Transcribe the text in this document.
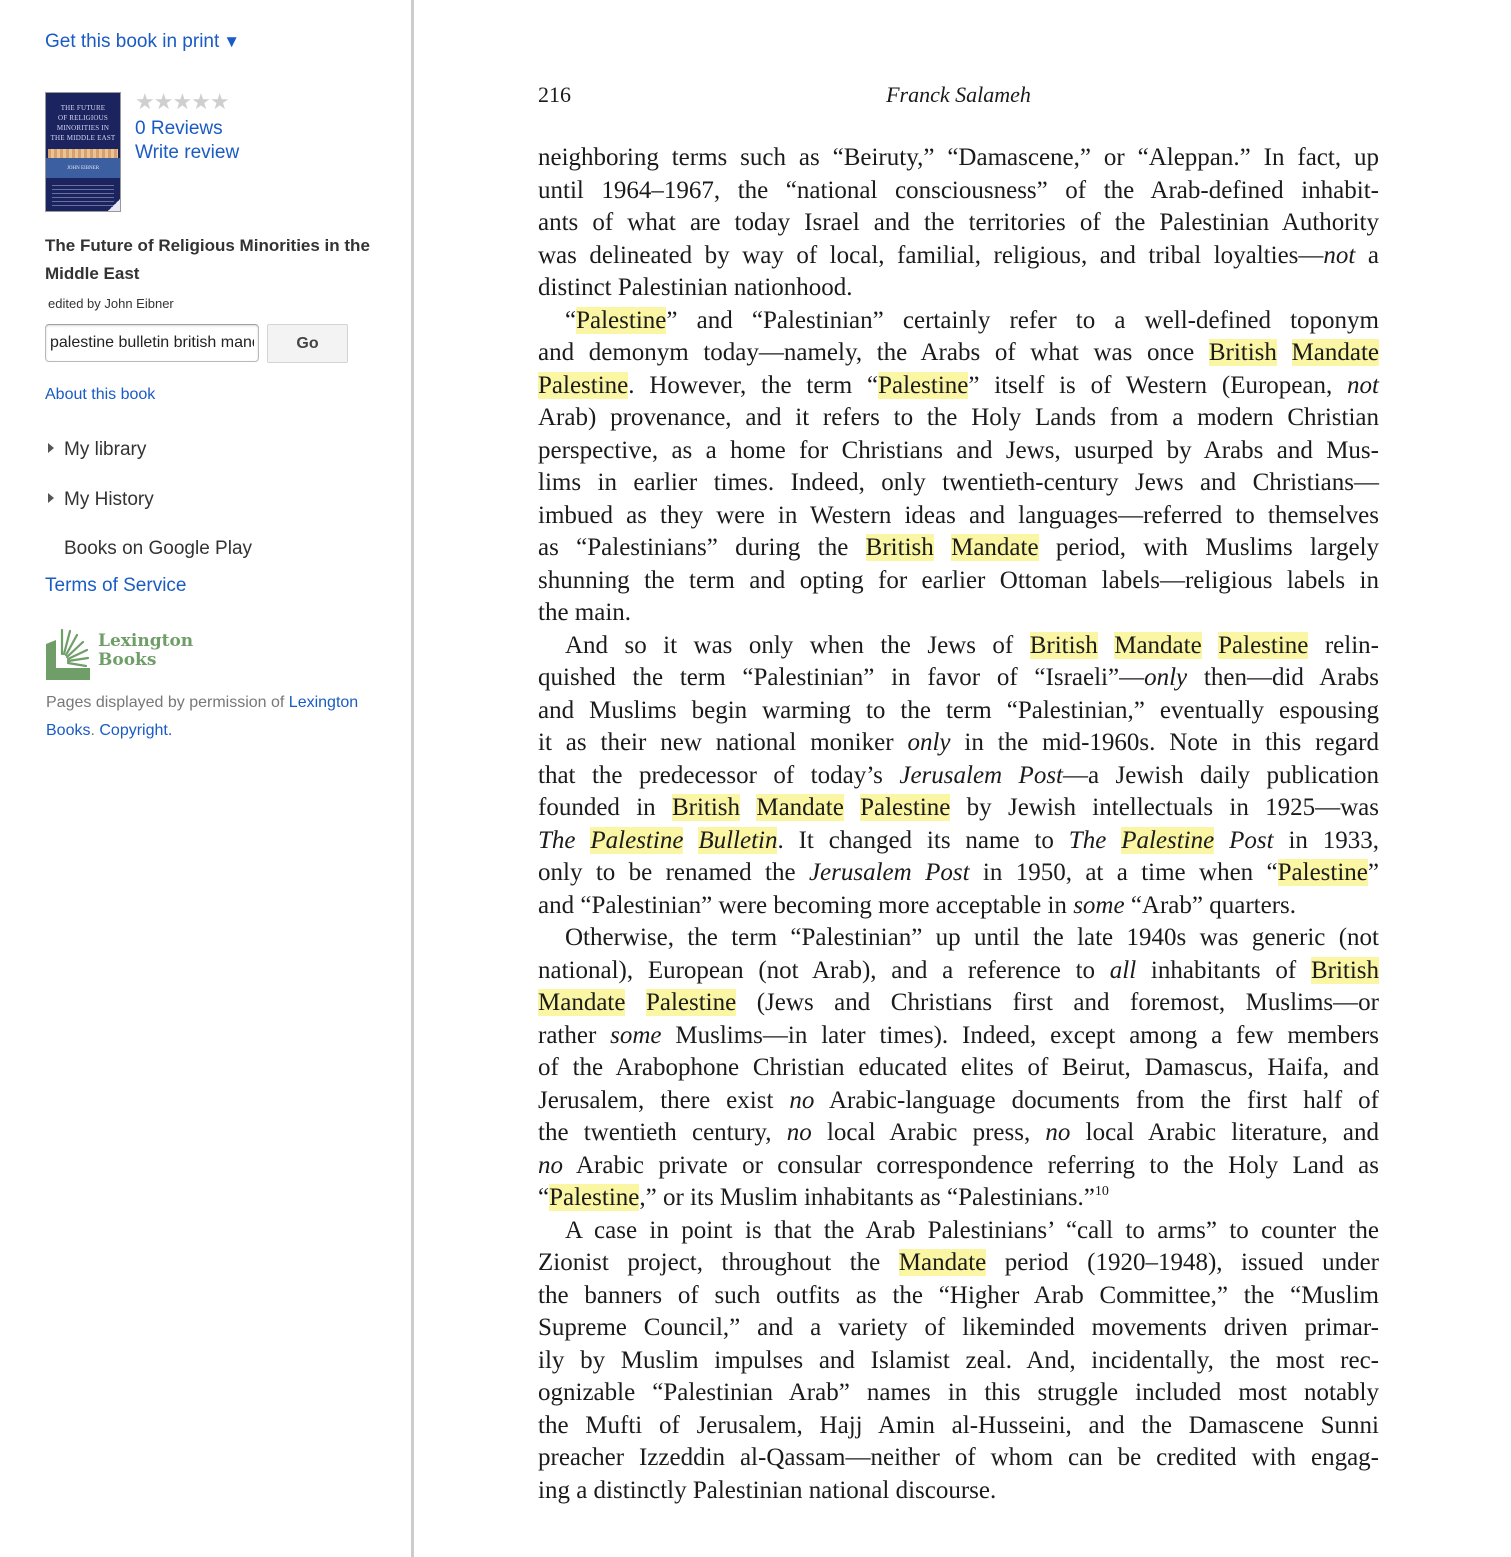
Get this book in print ▼
THE FUTURE
OF RELIGIOUS
MINORITIES IN
THE MIDDLE EAST
JOHN EIBNER
★★★★★
0 Reviews
Write review
The Future of Religious Minorities in the Middle East
edited by John Eibner
palestine bulletin british mandate
Go
About this book
My library
My History
Books on Google Play
Terms of Service
Lexington
Books
Pages displayed by permission of Lexington Books. Copyright.
216	Franck Salameh
neighboring terms such as “Beiruty,” “Damascene,” or “Aleppan.” In fact, up
until 1964–1967, the “national consciousness” of the Arab-defined inhabit-
ants of what are today Israel and the territories of the Palestinian Authority
was delineated by way of local, familial, religious, and tribal loyalties—not a
distinct Palestinian nationhood.
“Palestine” and “Palestinian” certainly refer to a well-defined toponym
and demonym today—namely, the Arabs of what was once British Mandate
Palestine. However, the term “Palestine” itself is of Western (European, not
Arab) provenance, and it refers to the Holy Lands from a modern Christian
perspective, as a home for Christians and Jews, usurped by Arabs and Mus-
lims in earlier times. Indeed, only twentieth-century Jews and Christians—
imbued as they were in Western ideas and languages—referred to themselves
as “Palestinians” during the British Mandate period, with Muslims largely
shunning the term and opting for earlier Ottoman labels—religious labels in
the main.
And so it was only when the Jews of British Mandate Palestine relin-
quished the term “Palestinian” in favor of “Israeli”—only then—did Arabs
and Muslims begin warming to the term “Palestinian,” eventually espousing
it as their new national moniker only in the mid-1960s. Note in this regard
that the predecessor of today’s Jerusalem Post—a Jewish daily publication
founded in British Mandate Palestine by Jewish intellectuals in 1925—was
The Palestine Bulletin. It changed its name to The Palestine Post in 1933,
only to be renamed the Jerusalem Post in 1950, at a time when “Palestine”
and “Palestinian” were becoming more acceptable in some “Arab” quarters.
Otherwise, the term “Palestinian” up until the late 1940s was generic (not
national), European (not Arab), and a reference to all inhabitants of British
Mandate Palestine (Jews and Christians first and foremost, Muslims—or
rather some Muslims—in later times). Indeed, except among a few members
of the Arabophone Christian educated elites of Beirut, Damascus, Haifa, and
Jerusalem, there exist no Arabic-language documents from the first half of
the twentieth century, no local Arabic press, no local Arabic literature, and
no Arabic private or consular correspondence referring to the Holy Land as
“Palestine,” or its Muslim inhabitants as “Palestinians.”$^{10}$
A case in point is that the Arab Palestinians’ “call to arms” to counter the
Zionist project, throughout the Mandate period (1920–1948), issued under
the banners of such outfits as the “Higher Arab Committee,” the “Muslim
Supreme Council,” and a variety of likeminded movements driven primar-
ily by Muslim impulses and Islamist zeal. And, incidentally, the most rec-
ognizable “Palestinian Arab” names in this struggle included most notably
the Mufti of Jerusalem, Hajj Amin al-Husseini, and the Damascene Sunni
preacher Izzeddin al-Qassam—neither of whom can be credited with engag-
ing a distinctly Palestinian national discourse.
